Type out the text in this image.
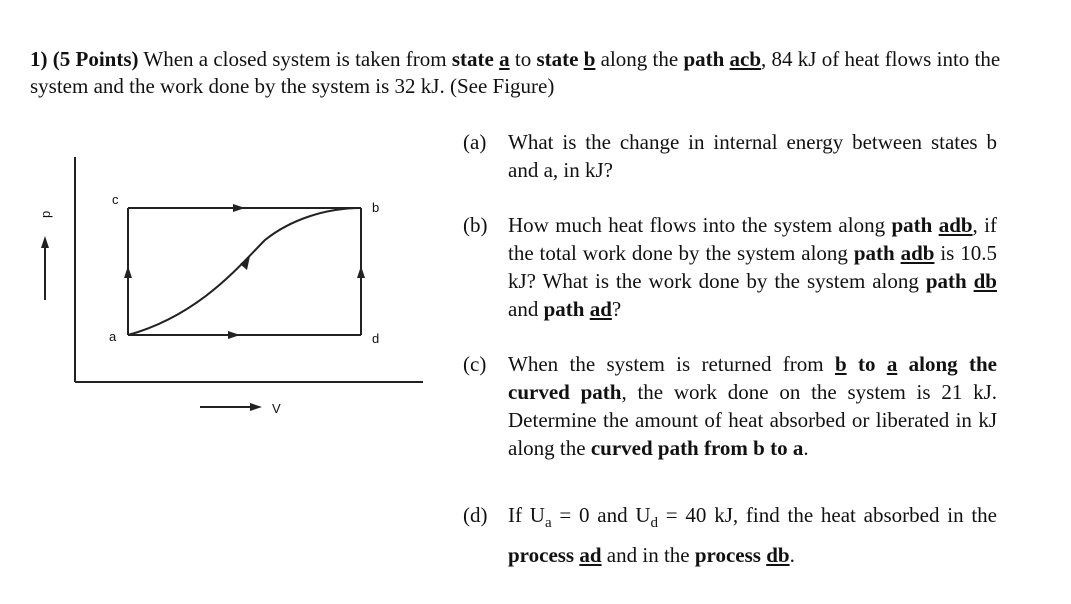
1) (5 Points) When a closed system is taken from state a to state b along the path acb, 84 kJ of heat flows into the system and the work done by the system is 32 kJ. (See Figure)
c
b
a	d
p
V
(a) What is the change in internal energy between states b and a, in kJ?
(b) How much heat flows into the system along path adb, if the total work done by the system along path adb is 10.5 kJ? What is the work done by the system along path db and path ad?
(c) When the system is returned from b to a along the curved path, the work done on the system is 21 kJ. Determine the amount of heat absorbed or liberated in kJ along the curved path from b to a.
(d) If $U_a = 0$ and $U_d = 40$ kJ, find the heat absorbed in the process ad and in the process db.
